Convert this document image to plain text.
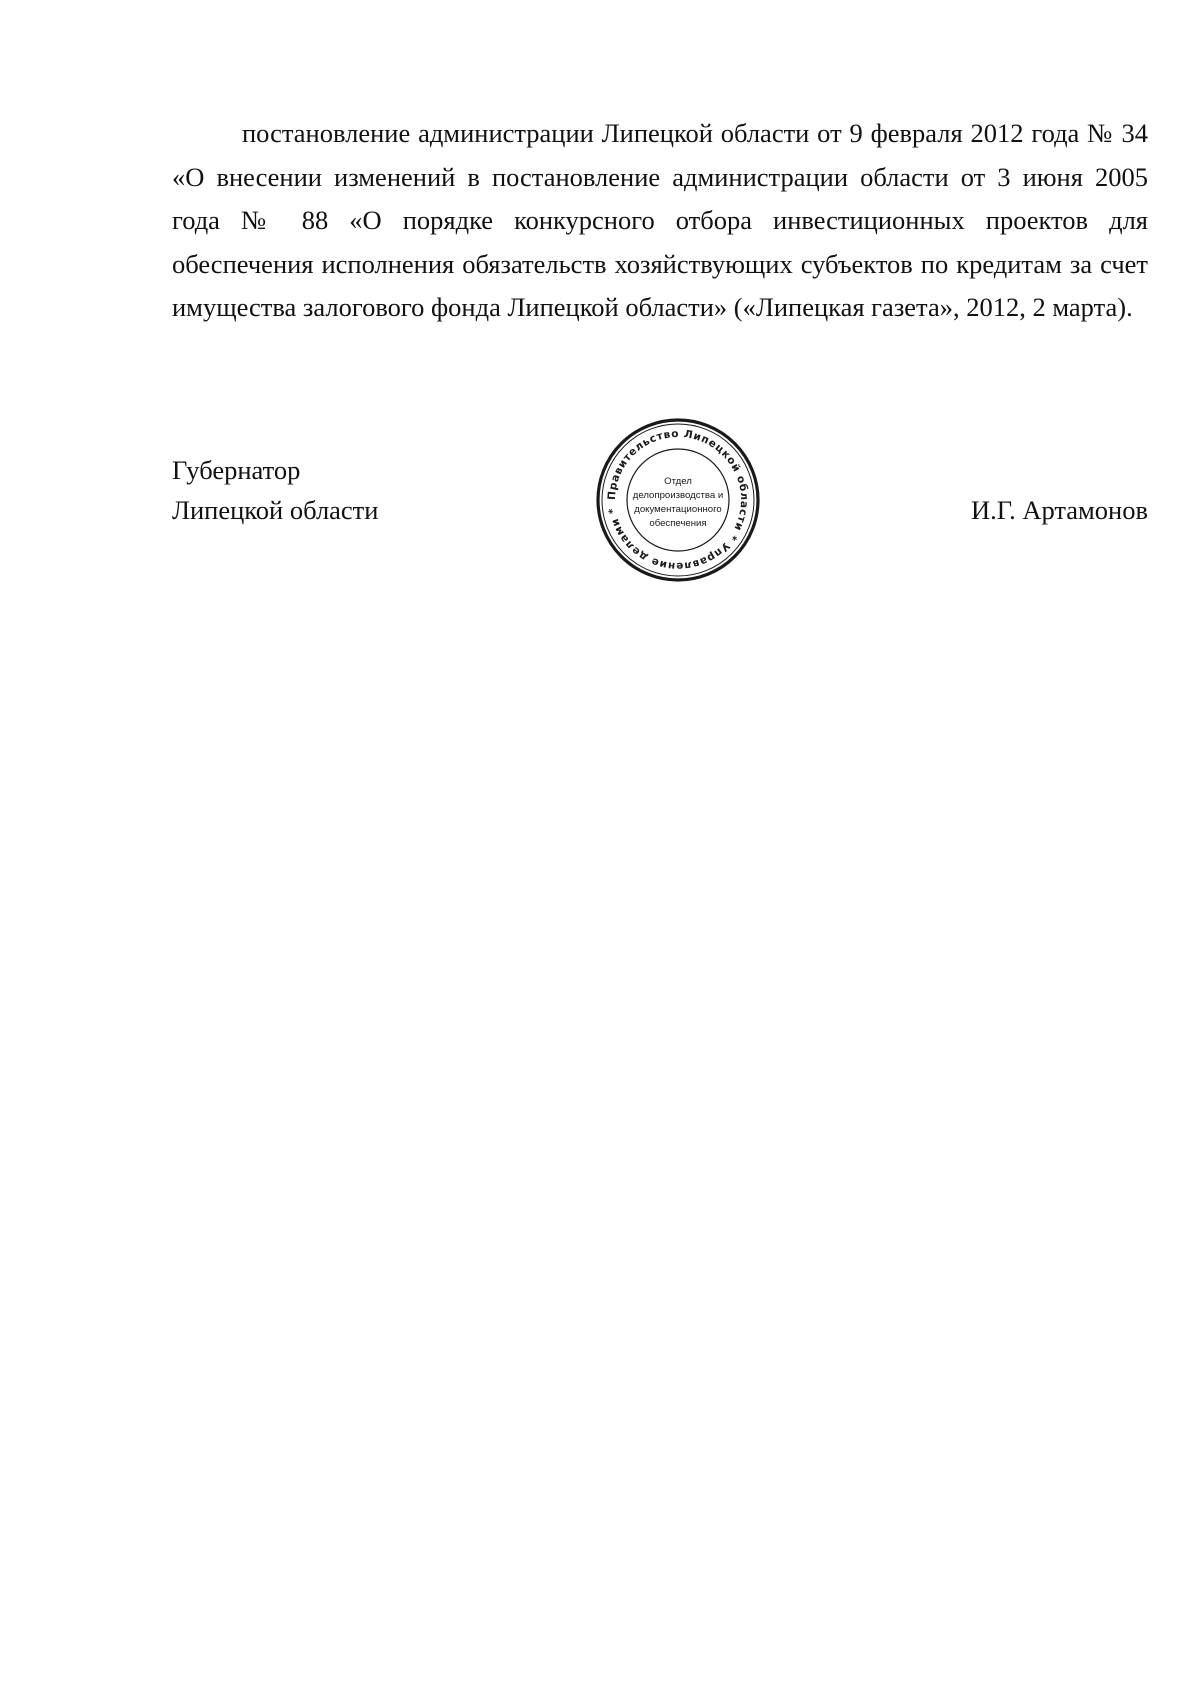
постановление администрации Липецкой области от 9 февраля 2012 года № 34 «О внесении изменений в постановление администрации области от 3 июня 2005 года № 88 «О порядке конкурсного отбора инвестиционных проектов для обеспечения исполнения обязательств хозяйствующих субъектов по кредитам за счет имущества залогового фонда Липецкой области» («Липецкая газета», 2012, 2 марта).

Губернатор
Липецкой области	И.Г. Артамонов
Правительство Липецкой области * Управление делами *
Отдел
делопроизводства и
документационного
обеспечения
